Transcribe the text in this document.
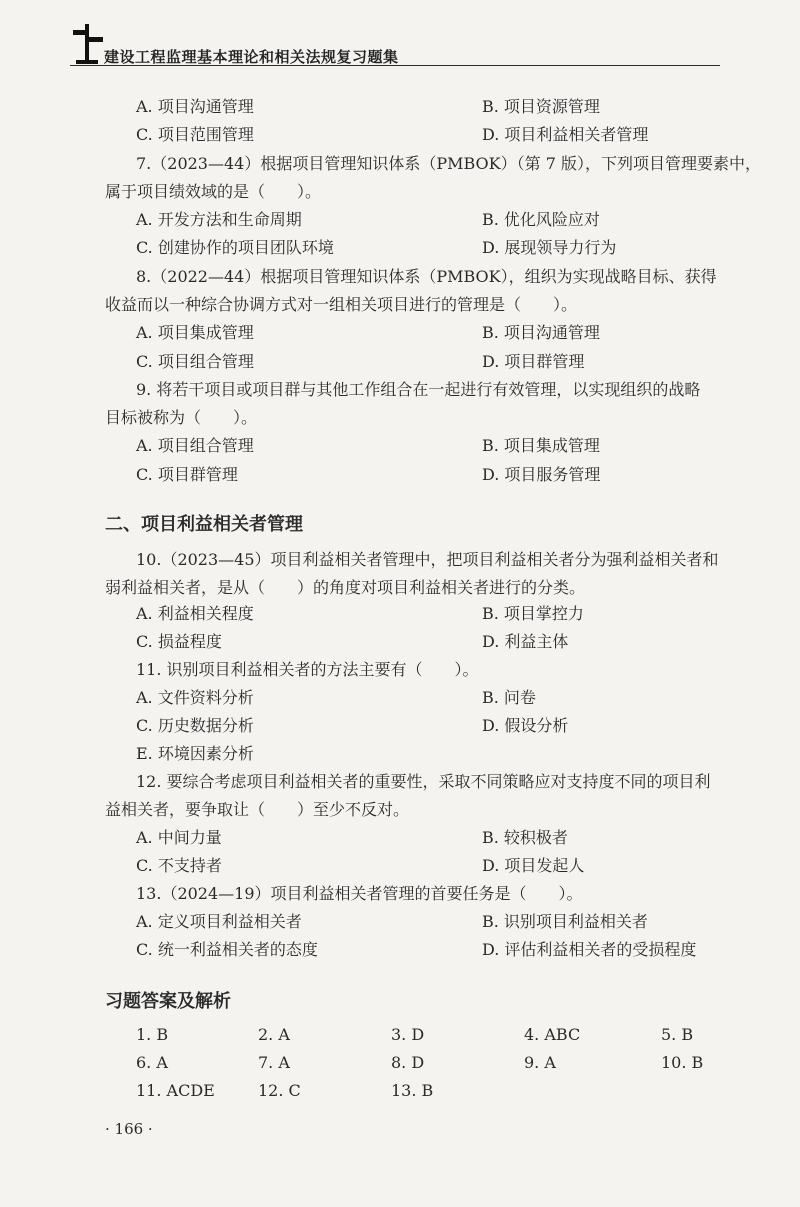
建设工程监理基本理论和相关法规复习题集
A. 项目沟通管理	B. 项目资源管理
C. 项目范围管理	D. 项目利益相关者管理
7.（2023—44）根据项目管理知识体系（PMBOK）（第 7 版），下列项目管理要素中，
属于项目绩效域的是（　　）。
A. 开发方法和生命周期	B. 优化风险应对
C. 创建协作的项目团队环境	D. 展现领导力行为
8.（2022—44）根据项目管理知识体系（PMBOK），组织为实现战略目标、获得
收益而以一种综合协调方式对一组相关项目进行的管理是（　　）。
A. 项目集成管理	B. 项目沟通管理
C. 项目组合管理	D. 项目群管理
9. 将若干项目或项目群与其他工作组合在一起进行有效管理，以实现组织的战略
目标被称为（　　）。
A. 项目组合管理	B. 项目集成管理
C. 项目群管理	D. 项目服务管理
二、项目利益相关者管理
10.（2023—45）项目利益相关者管理中，把项目利益相关者分为强利益相关者和
弱利益相关者，是从（　　）的角度对项目利益相关者进行的分类。
A. 利益相关程度	B. 项目掌控力
C. 损益程度	D. 利益主体
11. 识别项目利益相关者的方法主要有（　　）。
A. 文件资料分析	B. 问卷
C. 历史数据分析	D. 假设分析
E. 环境因素分析
12. 要综合考虑项目利益相关者的重要性，采取不同策略应对支持度不同的项目利
益相关者，要争取让（　　）至少不反对。
A. 中间力量	B. 较积极者
C. 不支持者	D. 项目发起人
13.（2024—19）项目利益相关者管理的首要任务是（　　）。
A. 定义项目利益相关者	B. 识别项目利益相关者
C. 统一利益相关者的态度	D. 评估利益相关者的受损程度
习题答案及解析
1. B	2. A	3. D	4. ABC	5. B
6. A	7. A	8. D	9. A	10. B
11. ACDE	12. C	13. B
· 166 ·
